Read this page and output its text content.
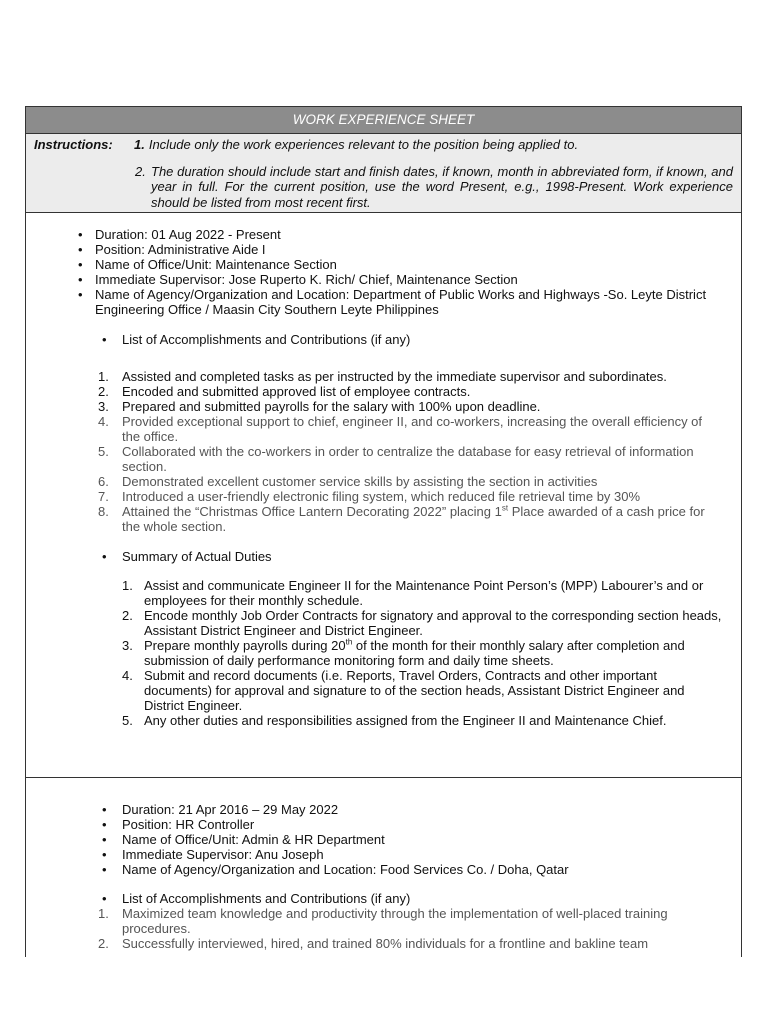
WORK EXPERIENCE SHEET
Instructions:	1. Include only the work experiences relevant to the position being applied to.
2. The duration should include start and finish dates, if known, month in abbreviated form, if known, and year in full. For the current position, use the word Present, e.g., 1998-Present. Work experience should be listed from most recent first.
• Duration: 01 Aug 2022 - Present
• Position: Administrative Aide I
• Name of Office/Unit: Maintenance Section
• Immediate Supervisor: Jose Ruperto K. Rich/ Chief, Maintenance Section
• Name of Agency/Organization and Location: Department of Public Works and Highways -So. Leyte District Engineering Office / Maasin City Southern Leyte Philippines
• List of Accomplishments and Contributions (if any)
1.	Assisted and completed tasks as per instructed by the immediate supervisor and subordinates.
2.	Encoded and submitted approved list of employee contracts.
3.	Prepared and submitted payrolls for the salary with 100% upon deadline.
4.	Provided exceptional support to chief, engineer II, and co-workers, increasing the overall efficiency of the office.
5.	Collaborated with the co-workers in order to centralize the database for easy retrieval of information section.
6.	Demonstrated excellent customer service skills by assisting the section in activities
7.	Introduced a user-friendly electronic filing system, which reduced file retrieval time by 30%
8.	Attained the “Christmas Office Lantern Decorating 2022” placing 1st Place awarded of a cash price for the whole section.
• Summary of Actual Duties
1. Assist and communicate Engineer II for the Maintenance Point Person’s (MPP) Labourer’s and or employees for their monthly schedule.
2. Encode monthly Job Order Contracts for signatory and approval to the corresponding section heads, Assistant District Engineer and District Engineer.
3. Prepare monthly payrolls during 20th of the month for their monthly salary after completion and submission of daily performance monitoring form and daily time sheets.
4. Submit and record documents (i.e. Reports, Travel Orders, Contracts and other important documents) for approval and signature to of the section heads, Assistant District Engineer and District Engineer.
5. Any other duties and responsibilities assigned from the Engineer II and Maintenance Chief.
• Duration: 21 Apr 2016 – 29 May 2022
• Position: HR Controller
• Name of Office/Unit: Admin & HR Department
• Immediate Supervisor: Anu Joseph
• Name of Agency/Organization and Location: Food Services Co. / Doha, Qatar
• List of Accomplishments and Contributions (if any)
1.	Maximized team knowledge and productivity through the implementation of well-placed training procedures.
2.	Successfully interviewed, hired, and trained 80% individuals for a frontline and bakline team
